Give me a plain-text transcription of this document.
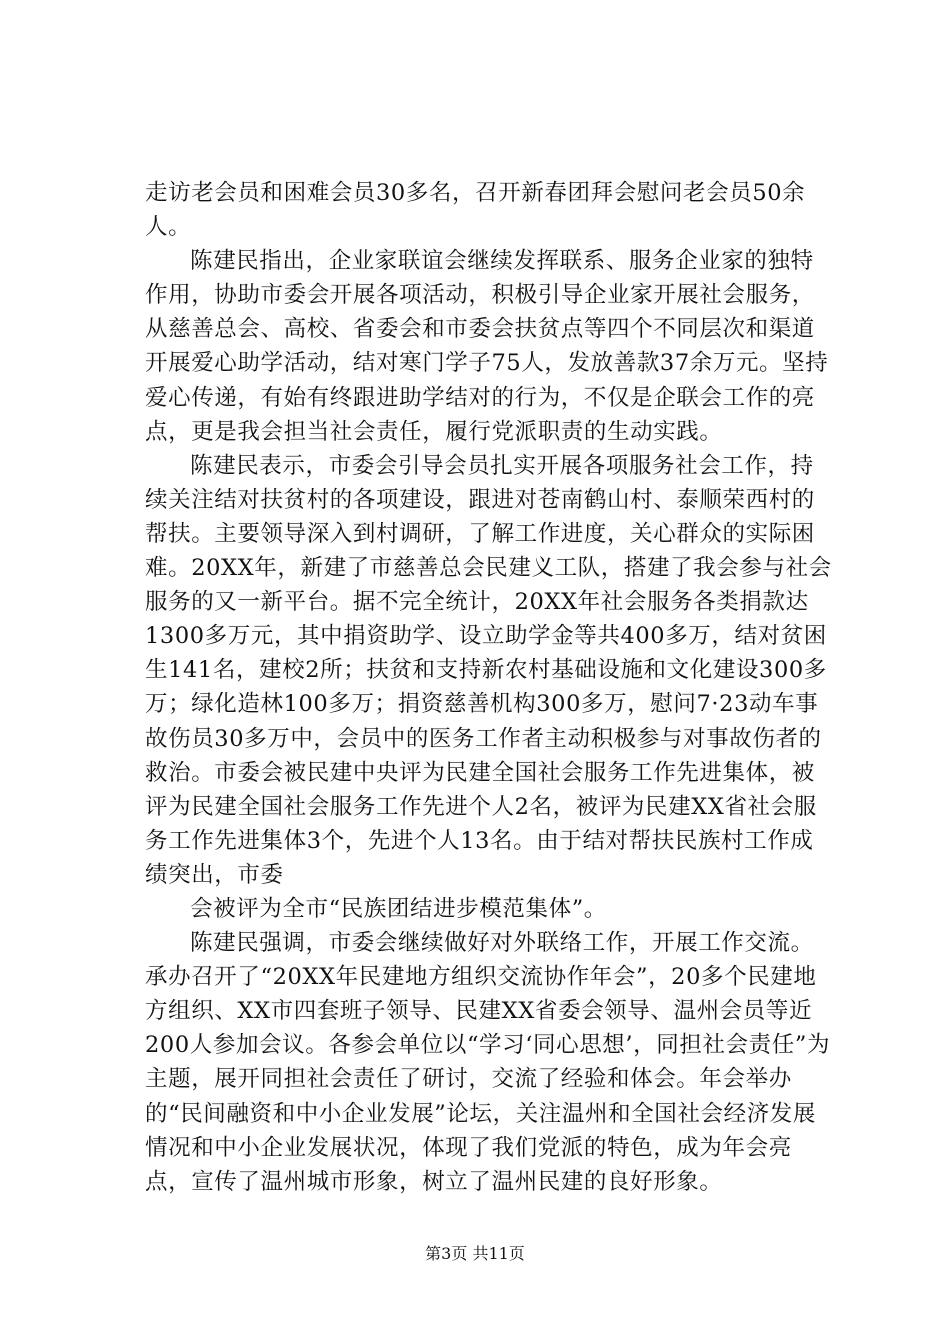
走访老会员和困难会员30多名，召开新春团拜会慰问老会员50余人。

陈建民指出，企业家联谊会继续发挥联系、服务企业家的独特作用，协助市委会开展各项活动，积极引导企业家开展社会服务，从慈善总会、高校、省委会和市委会扶贫点等四个不同层次和渠道开展爱心助学活动，结对寒门学子75人，发放善款37余万元。坚持爱心传递，有始有终跟进助学结对的行为，不仅是企联会工作的亮点，更是我会担当社会责任，履行党派职责的生动实践。

陈建民表示，市委会引导会员扎实开展各项服务社会工作，持续关注结对扶贫村的各项建设，跟进对苍南鹤山村、泰顺荣西村的帮扶。主要领导深入到村调研，了解工作进度，关心群众的实际困难。20XX年，新建了市慈善总会民建义工队，搭建了我会参与社会服务的又一新平台。据不完全统计，20XX年社会服务各类捐款达1300多万元，其中捐资助学、设立助学金等共400多万，结对贫困生141名，建校2所；扶贫和支持新农村基础设施和文化建设300多万；绿化造林100多万；捐资慈善机构300多万，慰问7·23动车事故伤员30多万中，会员中的医务工作者主动积极参与对事故伤者的救治。市委会被民建中央评为民建全国社会服务工作先进集体，被评为民建全国社会服务工作先进个人2名，被评为民建XX省社会服务工作先进集体3个，先进个人13名。由于结对帮扶民族村工作成绩突出，市委

会被评为全市“民族团结进步模范集体”。

陈建民强调，市委会继续做好对外联络工作，开展工作交流。承办召开了“20XX年民建地方组织交流协作年会”，20多个民建地方组织、XX市四套班子领导、民建XX省委会领导、温州会员等近200人参加会议。各参会单位以“学习‘同心思想’，同担社会责任”为主题，展开同担社会责任了研讨，交流了经验和体会。年会举办的“民间融资和中小企业发展”论坛，关注温州和全国社会经济发展情况和中小企业发展状况，体现了我们党派的特色，成为年会亮点，宣传了温州城市形象，树立了温州民建的良好形象。

第3页 共11页
